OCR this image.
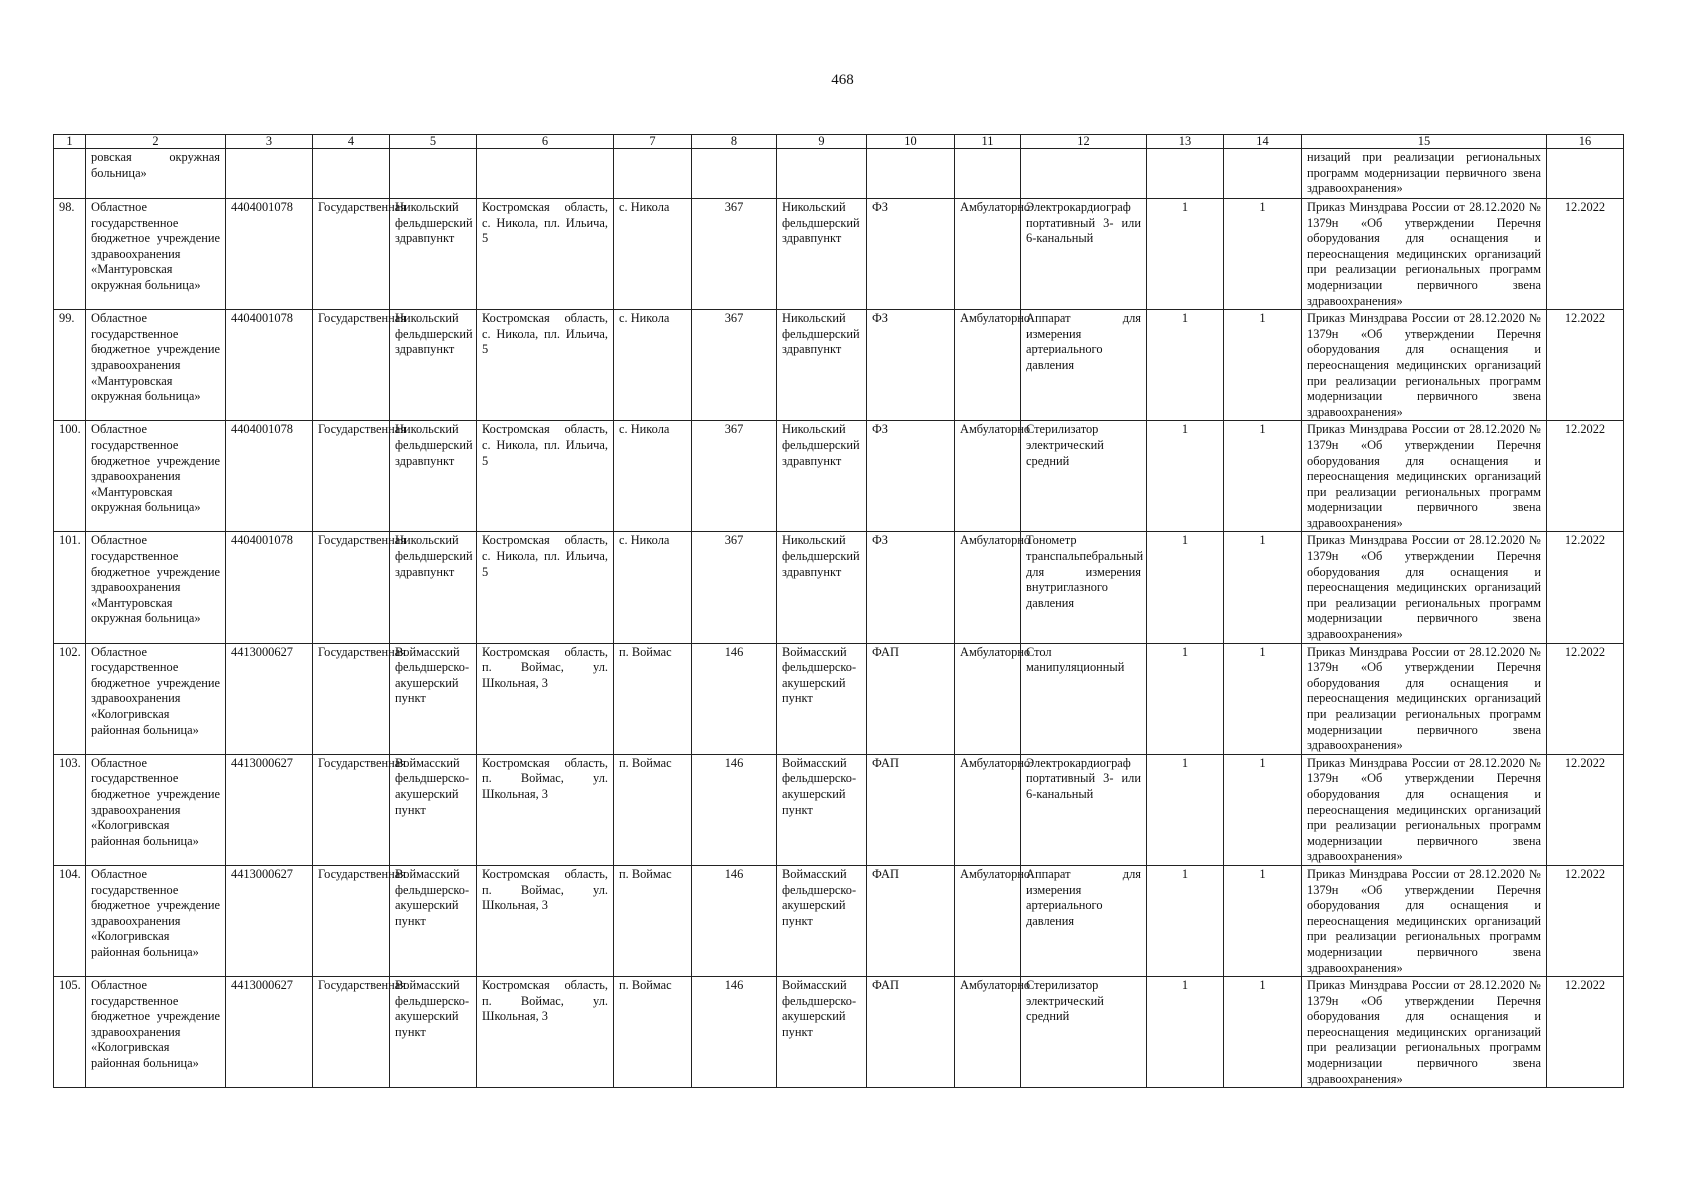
468
1	2	3	4	5	6	7	8	9	10	11	12	13	14	15	16
	ровская окружная больница»													низаций при реализации региональных программ модернизации первичного звена здравоохранения»	
98.	Областное государственное бюджетное учреждение здравоохранения «Мантуровская окружная больница»	4404001078	Государственная	Никольский фельдшерский здравпункт	Костромская область, с. Никола, пл. Ильича, 5	с. Никола	367	Никольский фельдшерский здравпункт	ФЗ	Амбулаторно	Электрокардиограф портативный 3- или 6-канальный	1	1	Приказ Минздрава России от 28.12.2020 № 1379н «Об утверждении Перечня оборудования для оснащения и переоснащения медицинских организаций при реализации региональных программ модернизации первичного звена здравоохранения»	12.2022
99.	Областное государственное бюджетное учреждение здравоохранения «Мантуровская окружная больница»	4404001078	Государственная	Никольский фельдшерский здравпункт	Костромская область, с. Никола, пл. Ильича, 5	с. Никола	367	Никольский фельдшерский здравпункт	ФЗ	Амбулаторно	Аппарат для измерения артериального давления	1	1	Приказ Минздрава России от 28.12.2020 № 1379н «Об утверждении Перечня оборудования для оснащения и переоснащения медицинских организаций при реализации региональных программ модернизации первичного звена здравоохранения»	12.2022
100.	Областное государственное бюджетное учреждение здравоохранения «Мантуровская окружная больница»	4404001078	Государственная	Никольский фельдшерский здравпункт	Костромская область, с. Никола, пл. Ильича, 5	с. Никола	367	Никольский фельдшерский здравпункт	ФЗ	Амбулаторно	Стерилизатор электрический средний	1	1	Приказ Минздрава России от 28.12.2020 № 1379н «Об утверждении Перечня оборудования для оснащения и переоснащения медицинских организаций при реализации региональных программ модернизации первичного звена здравоохранения»	12.2022
101.	Областное государственное бюджетное учреждение здравоохранения «Мантуровская окружная больница»	4404001078	Государственная	Никольский фельдшерский здравпункт	Костромская область, с. Никола, пл. Ильича, 5	с. Никола	367	Никольский фельдшерский здравпункт	ФЗ	Амбулаторно	Тонометр транспальпебральный для измерения внутриглазного давления	1	1	Приказ Минздрава России от 28.12.2020 № 1379н «Об утверждении Перечня оборудования для оснащения и переоснащения медицинских организаций при реализации региональных программ модернизации первичного звена здравоохранения»	12.2022
102.	Областное государственное бюджетное учреждение здравоохранения «Кологривская районная больница»	4413000627	Государственная	Воймасский фельдшерско-акушерский пункт	Костромская область, п. Воймас, ул. Школьная, 3	п. Воймас	146	Воймасский фельдшерско-акушерский пункт	ФАП	Амбулаторно	Стол манипуляционный	1	1	Приказ Минздрава России от 28.12.2020 № 1379н «Об утверждении Перечня оборудования для оснащения и переоснащения медицинских организаций при реализации региональных программ модернизации первичного звена здравоохранения»	12.2022
103.	Областное государственное бюджетное учреждение здравоохранения «Кологривская районная больница»	4413000627	Государственная	Воймасский фельдшерско-акушерский пункт	Костромская область, п. Воймас, ул. Школьная, 3	п. Воймас	146	Воймасский фельдшерско-акушерский пункт	ФАП	Амбулаторно	Электрокардиограф портативный 3- или 6-канальный	1	1	Приказ Минздрава России от 28.12.2020 № 1379н «Об утверждении Перечня оборудования для оснащения и переоснащения медицинских организаций при реализации региональных программ модернизации первичного звена здравоохранения»	12.2022
104.	Областное государственное бюджетное учреждение здравоохранения «Кологривская районная больница»	4413000627	Государственная	Воймасский фельдшерско-акушерский пункт	Костромская область, п. Воймас, ул. Школьная, 3	п. Воймас	146	Воймасский фельдшерско-акушерский пункт	ФАП	Амбулаторно	Аппарат для измерения артериального давления	1	1	Приказ Минздрава России от 28.12.2020 № 1379н «Об утверждении Перечня оборудования для оснащения и переоснащения медицинских организаций при реализации региональных программ модернизации первичного звена здравоохранения»	12.2022
105.	Областное государственное бюджетное учреждение здравоохранения «Кологривская районная больница»	4413000627	Государственная	Воймасский фельдшерско-акушерский пункт	Костромская область, п. Воймас, ул. Школьная, 3	п. Воймас	146	Воймасский фельдшерско-акушерский пункт	ФАП	Амбулаторно	Стерилизатор электрический средний	1	1	Приказ Минздрава России от 28.12.2020 № 1379н «Об утверждении Перечня оборудования для оснащения и переоснащения медицинских организаций при реализации региональных программ модернизации первичного звена здравоохранения»	12.2022
